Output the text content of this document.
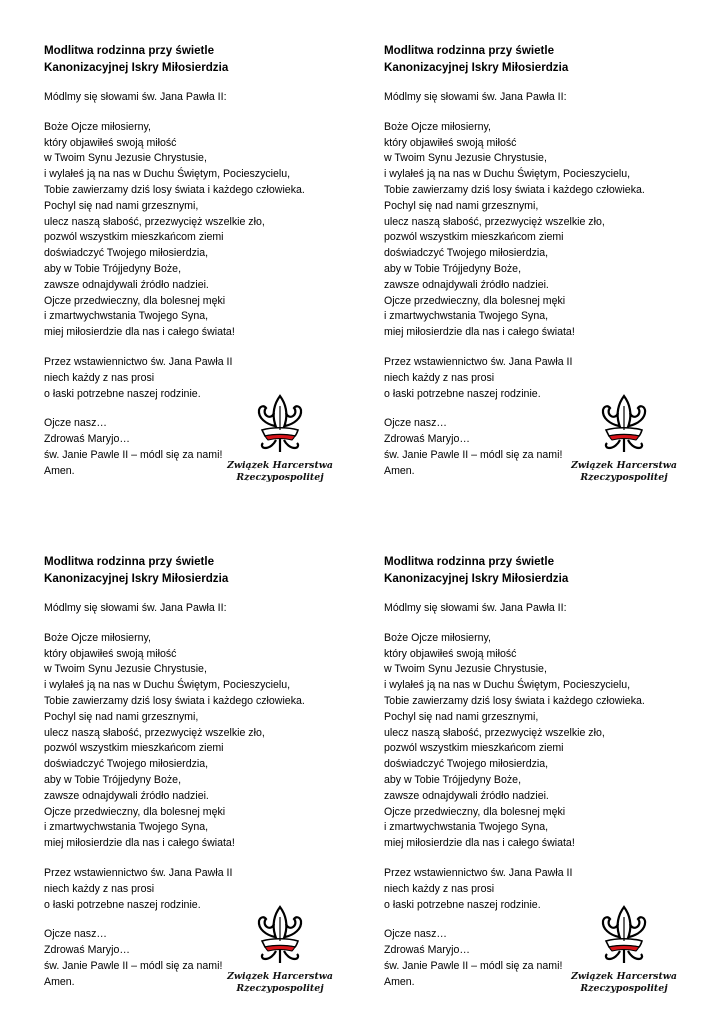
Modlitwa rodzinna przy świetle
Kanonizacyjnej Iskry Miłosierdzia

Módlmy się słowami św. Jana Pawła II:

Boże Ojcze miłosierny,
który objawiłeś swoją miłość
w Twoim Synu Jezusie Chrystusie,
i wylałeś ją na nas w Duchu Świętym, Pocieszycielu,
Tobie zawierzamy dziś losy świata i każdego człowieka.
Pochyl się nad nami grzesznymi,
ulecz naszą słabość, przezwycięż wszelkie zło,
pozwól wszystkim mieszkańcom ziemi
doświadczyć Twojego miłosierdzia,
aby w Tobie Trójjedyny Boże,
zawsze odnajdywali źródło nadziei.
Ojcze przedwieczny, dla bolesnej męki
i zmartwychwstania Twojego Syna,
miej miłosierdzie dla nas i całego świata!

Przez wstawiennictwo św. Jana Pawła II
niech każdy z nas prosi
o łaski potrzebne naszej rodzinie.

Ojcze nasz…
Zdrowaś Maryjo…
św. Janie Pawle II – módl się za nami!
Amen.	Związek Harcerstwa
Rzeczypospolitej

Modlitwa rodzinna przy świetle
Kanonizacyjnej Iskry Miłosierdzia

Módlmy się słowami św. Jana Pawła II:

Boże Ojcze miłosierny,
który objawiłeś swoją miłość
w Twoim Synu Jezusie Chrystusie,
i wylałeś ją na nas w Duchu Świętym, Pocieszycielu,
Tobie zawierzamy dziś losy świata i każdego człowieka.
Pochyl się nad nami grzesznymi,
ulecz naszą słabość, przezwycięż wszelkie zło,
pozwól wszystkim mieszkańcom ziemi
doświadczyć Twojego miłosierdzia,
aby w Tobie Trójjedyny Boże,
zawsze odnajdywali źródło nadziei.
Ojcze przedwieczny, dla bolesnej męki
i zmartwychwstania Twojego Syna,
miej miłosierdzie dla nas i całego świata!

Przez wstawiennictwo św. Jana Pawła II
niech każdy z nas prosi
o łaski potrzebne naszej rodzinie.

Ojcze nasz…
Zdrowaś Maryjo…
św. Janie Pawle II – módl się za nami!
Amen.	Związek Harcerstwa
Rzeczypospolitej

Modlitwa rodzinna przy świetle
Kanonizacyjnej Iskry Miłosierdzia

Módlmy się słowami św. Jana Pawła II:

Boże Ojcze miłosierny,
który objawiłeś swoją miłość
w Twoim Synu Jezusie Chrystusie,
i wylałeś ją na nas w Duchu Świętym, Pocieszycielu,
Tobie zawierzamy dziś losy świata i każdego człowieka.
Pochyl się nad nami grzesznymi,
ulecz naszą słabość, przezwycięż wszelkie zło,
pozwól wszystkim mieszkańcom ziemi
doświadczyć Twojego miłosierdzia,
aby w Tobie Trójjedyny Boże,
zawsze odnajdywali źródło nadziei.
Ojcze przedwieczny, dla bolesnej męki
i zmartwychwstania Twojego Syna,
miej miłosierdzie dla nas i całego świata!

Przez wstawiennictwo św. Jana Pawła II
niech każdy z nas prosi
o łaski potrzebne naszej rodzinie.

Ojcze nasz…
Zdrowaś Maryjo…
św. Janie Pawle II – módl się za nami!
Amen.	Związek Harcerstwa
Rzeczypospolitej

Modlitwa rodzinna przy świetle
Kanonizacyjnej Iskry Miłosierdzia

Módlmy się słowami św. Jana Pawła II:

Boże Ojcze miłosierny,
który objawiłeś swoją miłość
w Twoim Synu Jezusie Chrystusie,
i wylałeś ją na nas w Duchu Świętym, Pocieszycielu,
Tobie zawierzamy dziś losy świata i każdego człowieka.
Pochyl się nad nami grzesznymi,
ulecz naszą słabość, przezwycięż wszelkie zło,
pozwól wszystkim mieszkańcom ziemi
doświadczyć Twojego miłosierdzia,
aby w Tobie Trójjedyny Boże,
zawsze odnajdywali źródło nadziei.
Ojcze przedwieczny, dla bolesnej męki
i zmartwychwstania Twojego Syna,
miej miłosierdzie dla nas i całego świata!

Przez wstawiennictwo św. Jana Pawła II
niech każdy z nas prosi
o łaski potrzebne naszej rodzinie.

Ojcze nasz…
Zdrowaś Maryjo…
św. Janie Pawle II – módl się za nami!
Amen.	Związek Harcerstwa
Rzeczypospolitej
